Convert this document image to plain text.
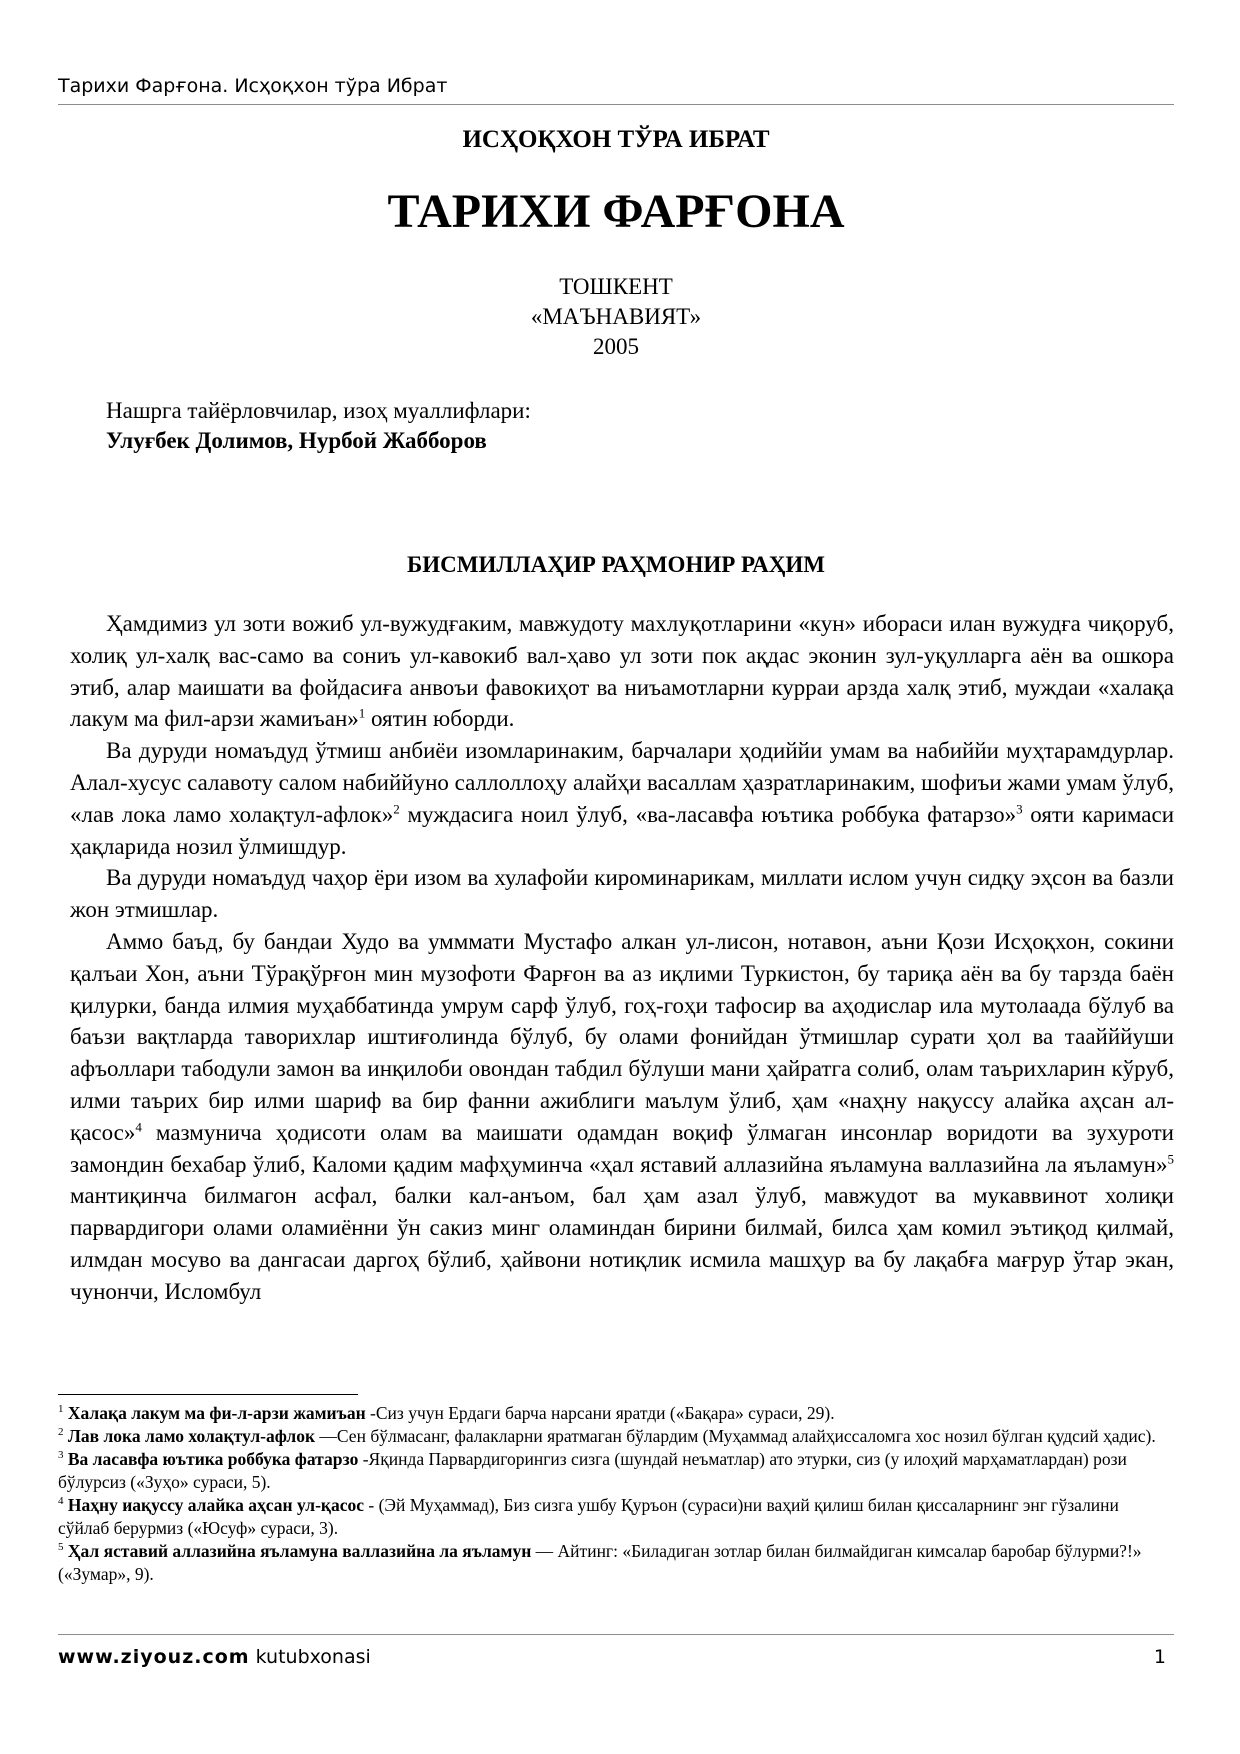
Тарихи Фарғона. Исҳоқхон тўра Ибрат

ИСҲОҚХОН ТЎРА ИБРАТ

ТАРИХИ ФАРҒОНА
ТОШКЕНТ
«МАЪНАВИЯТ»
2005
Нашрга тайёрловчилар, изоҳ муаллифлари:
Улуғбек Долимов, Нурбой Жабборов
БИСМИЛЛАҲИР РАҲМОНИР РАҲИМ

Ҳамдимиз ул зоти вожиб ул-вужудғаким, мавжудоту махлуқотларини «кун» ибораси илан вужудға чиқоруб, холиқ ул-халқ вас-само ва сониъ ул-кавокиб вал-ҳаво ул зоти пок ақдас эконин зул-уқулларга аён ва ошкора этиб, алар маишати ва фойдасиға анвоъи фавокиҳот ва ниъамотларни курраи арзда халқ этиб, муждаи «халақа лакум ма фил-арзи жамиъан»$^1$ оятин юборди.

Ва дуруди номаъдуд ўтмиш анбиёи изомларинаким, барчалари ҳодиййи умам ва набиййи муҳтарамдурлар. Алал-хусус салавоту салом набиййуно саллоллоҳу алайҳи васаллам ҳазратларинаким, шофиъи жами умам ўлуб, «лав лока ламо холақтул-афлок»$^2$ муждасига ноил ўлуб, «ва-ласавфа юътика роббука фатарзо»$^3$ ояти каримаси ҳақларида нозил ўлмишдур.

Ва дуруди номаъдуд чаҳор ёри изом ва хулафойи кироминарикам, миллати ислом учун сидқу эҳсон ва базли жон этмишлар.

Аммо баъд, бу бандаи Худо ва умммати Мустафо алкан ул-лисон, нотавон, аъни Қози Исҳоқхон, сокини қалъаи Хон, аъни Тўрақўрғон мин музофоти Фарғон ва аз иқлими Туркистон, бу тариқа аён ва бу тарзда баён қилурки, банда илмия муҳаббатинда умрум сарф ўлуб, гоҳ-гоҳи тафосир ва аҳодислар ила мутолаада бўлуб ва баъзи вақтларда таворихлар иштиғолинда бўлуб, бу олами фонийдан ўтмишлар сурати ҳол ва таайййуши афъоллари табодули замон ва инқилоби овондан табдил бўлуши мани ҳайратга солиб, олам таърихларин кўруб, илми таърих бир илми шариф ва бир фанни ажиблиги маълум ўлиб, ҳам «наҳну нақуссу алайка аҳсан ал-қасос»$^4$ мазмунича ҳодисоти олам ва маишати одамдан воқиф ўлмаган инсонлар воридоти ва зухуроти замондин бехабар ўлиб, Каломи қадим мафҳуминча «ҳал яставий аллазийна яъламуна валлазийна ла яъламун»$^5$ мантиқинча билмагон асфал, балки кал-анъом, бал ҳам азал ўлуб, мавжудот ва мукаввинот холиқи парвардигори олами оламиённи ўн сакиз минг оламиндан бирини билмай, билса ҳам комил эътиқод қилмай, илмдан мосуво ва дангасаи даргоҳ бўлиб, ҳайвони нотиқлик исмила машҳур ва бу лақабға мағрур ўтар экан, чунончи, Исломбул

$^1$ Халақа лакум ма фи-л-арзи жамиъан -Сиз учун Ердаги барча нарсани яратди («Бақара» сураси, 29).

$^2$ Лав лока ламо холақтул-афлок —Сен бўлмасанг, фалакларни яратмаган бўлардим (Муҳаммад алайҳиссаломга хос нозил бўлган қудсий ҳадис).

$^3$ Ва ласавфа юътика роббука фатарзо -Яқинда Парвардигорингиз сизга (шундай неъматлар) ато этурки, сиз (у илоҳий марҳаматлардан) рози бўлурсиз («Зуҳо» сураси, 5).

$^4$ Наҳну иақуссу алайка аҳсан ул-қасос - (Эй Муҳаммад), Биз сизга ушбу Қуръон (сураси)ни ваҳий қилиш билан қиссаларнинг энг гўзалини сўйлаб берурмиз («Юсуф» сураси, 3).

$^5$ Ҳал яставий аллазийна яъламуна валлазийна ла яъламун — Айтинг: «Биладиган зотлар билан билмайдиган кимсалар баробар бўлурми?!» («Зумар», 9).

www.ziyouz.com kutubxonasi	1
